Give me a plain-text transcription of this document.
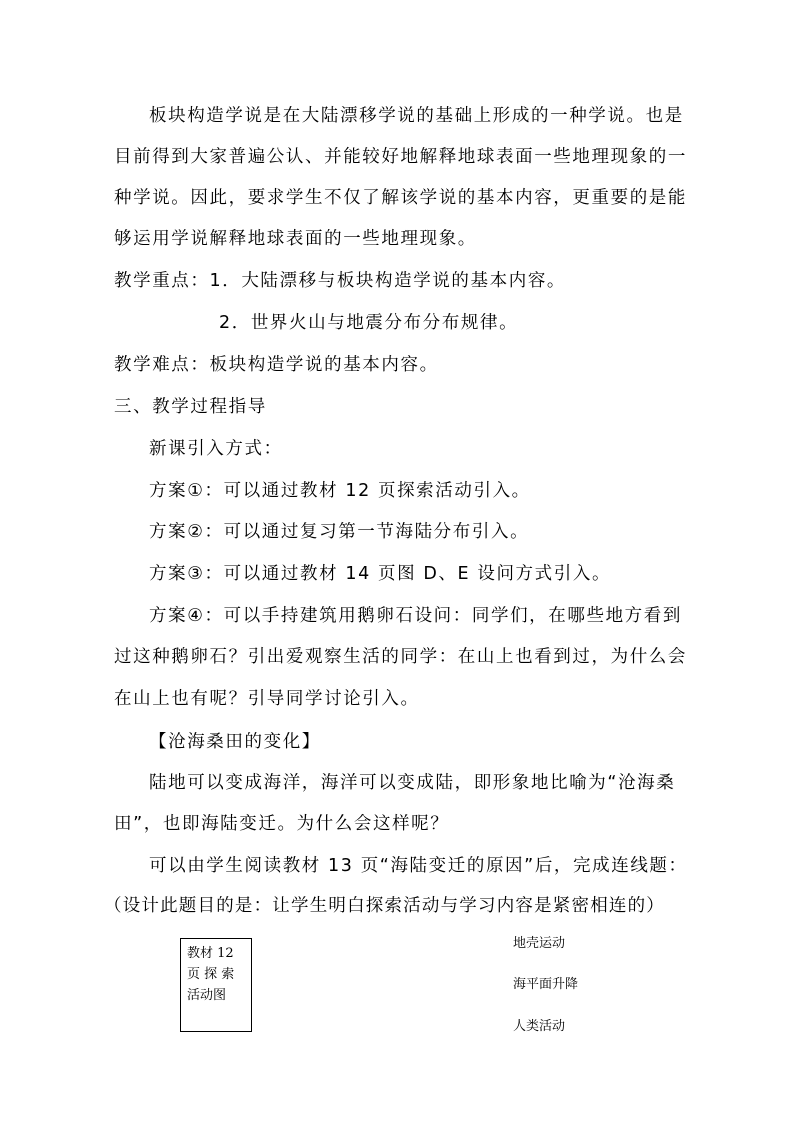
板块构造学说是在大陆漂移学说的基础上形成的一种学说。也是
目前得到大家普遍公认、并能较好地解释地球表面一些地理现象的一
种学说。因此，要求学生不仅了解该学说的基本内容，更重要的是能
够运用学说解释地球表面的一些地理现象。
教学重点：1．大陆漂移与板块构造学说的基本内容。
2．世界火山与地震分布分布规律。
教学难点：板块构造学说的基本内容。
三、教学过程指导
新课引入方式：
方案①：可以通过教材 12 页探索活动引入。
方案②：可以通过复习第一节海陆分布引入。
方案③：可以通过教材 14 页图 D、E 设问方式引入。
方案④：可以手持建筑用鹅卵石设问：同学们，在哪些地方看到
过这种鹅卵石？引出爱观察生活的同学：在山上也看到过，为什么会
在山上也有呢？引导同学讨论引入。
【沧海桑田的变化】
陆地可以变成海洋，海洋可以变成陆，即形象地比喻为“沧海桑
田”，也即海陆变迁。为什么会这样呢？
可以由学生阅读教材 13 页“海陆变迁的原因”后，完成连线题：
（设计此题目的是：让学生明白探索活动与学习内容是紧密相连的）
教材 12
页 探 索
活动图
地壳运动
海平面升降
人类活动
